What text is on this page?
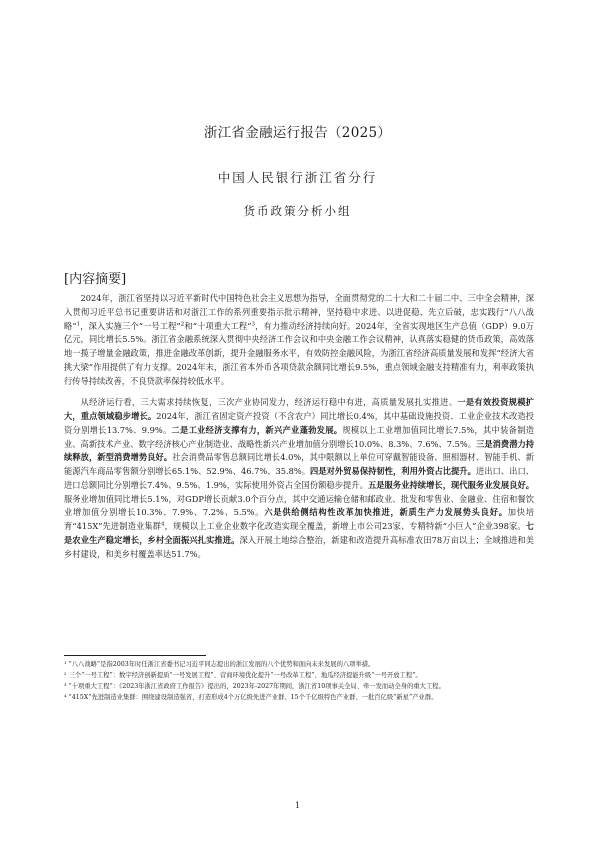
浙江省金融运行报告（2025）
中国人民银行浙江省分行
货币政策分析小组
[内容摘要]

2024年，浙江省坚持以习近平新时代中国特色社会主义思想为指导，全面贯彻党的二十大和二十届二中、三中全会精神，深入贯彻习近平总书记重要讲话和对浙江工作的系列重要指示批示精神，坚持稳中求进、以进促稳、先立后破，忠实践行“八八战略”$^1$，深入实施三个“一号工程”$^2$和“十项重大工程”$^3$，有力推动经济持续向好。2024年，全省实现地区生产总值（GDP）9.0万亿元，同比增长5.5%。浙江省金融系统深入贯彻中央经济工作会议和中央金融工作会议精神，认真落实稳健的货币政策，高效落地一揽子增量金融政策，推进金融改革创新，提升金融服务水平，有效防控金融风险，为浙江省经济高质量发展和发挥“经济大省挑大梁”作用提供了有力支撑。2024年末，浙江省本外币各项贷款余额同比增长9.5%，重点领域金融支持精准有力，利率政策执行传导持续改善，不良贷款率保持较低水平。

从经济运行看，三大需求持续恢复，三次产业协同发力，经济运行稳中有进，高质量发展扎实推进。一是有效投资规模扩大，重点领域稳步增长。2024年，浙江省固定资产投资（不含农户）同比增长0.4%，其中基础设施投资、工业企业技术改造投资分别增长13.7%、9.9%。二是工业经济支撑有力，新兴产业蓬勃发展。规模以上工业增加值同比增长7.5%，其中装备制造业、高新技术产业、数字经济核心产业制造业、战略性新兴产业增加值分别增长10.0%、8.3%、7.6%、7.5%。三是消费潜力持续释放，新型消费增势良好。社会消费品零售总额同比增长4.0%，其中限额以上单位可穿戴智能设备、照相器材、智能手机、新能源汽车商品零售额分别增长65.1%、52.9%、46.7%、35.8%。四是对外贸易保持韧性，利用外资占比提升。进出口、出口、进口总额同比分别增长7.4%、9.5%、1.9%，实际使用外资占全国份额稳步提升。五是服务业持续增长，现代服务业发展良好。服务业增加值同比增长5.1%，对GDP增长贡献3.0个百分点，其中交通运输仓储和邮政业、批发和零售业、金融业、住宿和餐饮业增加值分别增长10.3%、7.9%、7.2%、5.5%。六是供给侧结构性改革加快推进，新质生产力发展势头良好。加快培育“415X”先进制造业集群$^4$，规模以上工业企业数字化改造实现全覆盖，新增上市公司23家、专精特新“小巨人”企业398家。七是农业生产稳定增长，乡村全面振兴扎实推进。深入开展土地综合整治，新建和改造提升高标准农田78万亩以上；全域推进和美乡村建设，和美乡村覆盖率达51.7%。

¹ “八八战略”是指2003年时任浙江省委书记习近平同志提出的浙江发展的八个优势和面向未来发展的八项举措。
² 三个“一号工程”：数字经济创新提质“一号发展工程”、营商环境优化提升“一号改革工程”、地瓜经济提能升级“一号开放工程”。
³ “十项重大工程”：《2023年浙江省政府工作报告》提出的，2023年-2027年期间，浙江省10项事关全局、牵一发而动全身的重大工程。
⁴ “415X”先进制造业集群：围绕建设制造强省，打造形成4个万亿级先进产业群、15个千亿级特色产业群、一批百亿级“新星”产业群。
1
